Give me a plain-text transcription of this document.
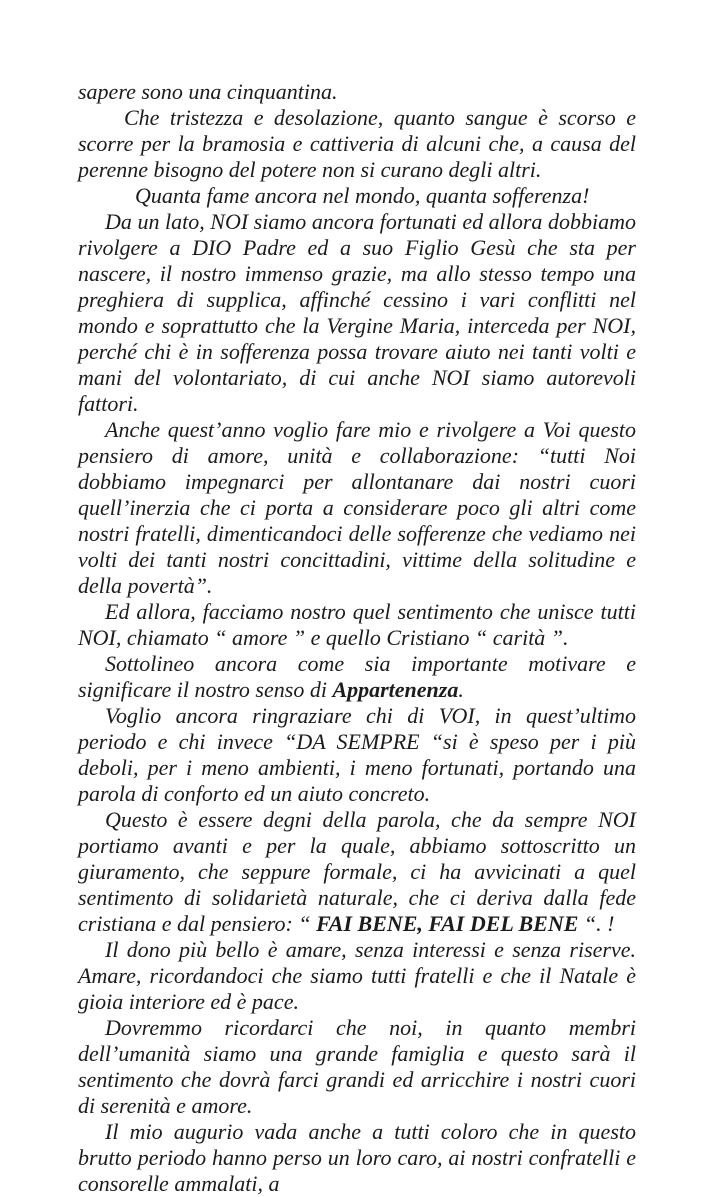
sapere sono una cinquantina.

Che tristezza e desolazione, quanto sangue è scorso e scorre per la bramosia e cattiveria di alcuni che, a causa del perenne bisogno del potere non si curano degli altri.

Quanta fame ancora nel mondo, quanta sofferenza!

Da un lato, NOI siamo ancora fortunati ed allora dobbiamo rivolgere a DIO Padre ed a suo Figlio Gesù che sta per nascere, il nostro immenso grazie, ma allo stesso tempo una preghiera di supplica, affinché cessino i vari conflitti nel mondo e soprattutto che la Vergine Maria, interceda per NOI, perché chi è in sofferenza possa trovare aiuto nei tanti volti e mani del volontariato, di cui anche NOI siamo autorevoli fattori.

Anche quest’anno voglio fare mio e rivolgere a Voi questo pensiero di amore, unità e collaborazione: “tutti Noi dobbiamo impegnarci per allontanare dai nostri cuori quell’inerzia che ci porta a considerare poco gli altri come nostri fratelli, dimenticandoci delle sofferenze che vediamo nei volti dei tanti nostri concittadini, vittime della solitudine e della povertà”.

Ed allora, facciamo nostro quel sentimento che unisce tutti NOI, chiamato “ amore ” e quello Cristiano “ carità ”.

Sottolineo ancora come sia importante motivare e significare il nostro senso di Appartenenza.

Voglio ancora ringraziare chi di VOI, in quest’ultimo periodo e chi invece “DA SEMPRE “si è speso per i più deboli, per i meno ambienti, i meno fortunati, portando una parola di conforto ed un aiuto concreto.

Questo è essere degni della parola, che da sempre NOI portiamo avanti e per la quale, abbiamo sottoscritto un giuramento, che seppure formale, ci ha avvicinati a quel sentimento di solidarietà naturale, che ci deriva dalla fede cristiana e dal pensiero: “ FAI BENE, FAI DEL BENE “. !

Il dono più bello è amare, senza interessi e senza riserve. Amare, ricordandoci che siamo tutti fratelli e che il Natale è gioia interiore ed è pace.

Dovremmo ricordarci che noi, in quanto membri dell’umanità siamo una grande famiglia e questo sarà il sentimento che dovrà farci grandi ed arricchire i nostri cuori di serenità e amore.

Il mio augurio vada anche a tutti coloro che in questo brutto periodo hanno perso un loro caro, ai nostri confratelli e consorelle ammalati, a
